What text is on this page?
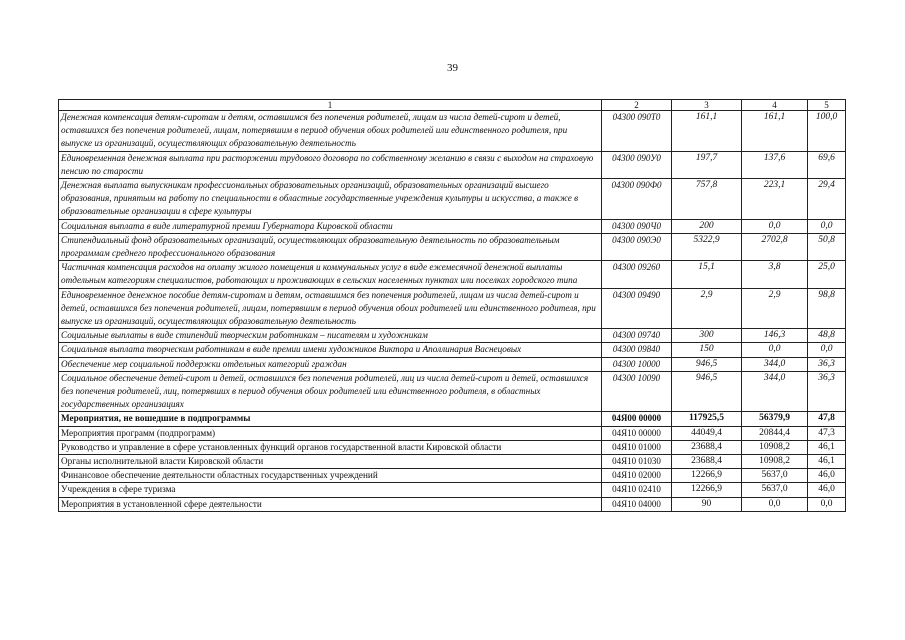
39
1	2	3	4	5
Денежная компенсация детям-сиротам и детям, оставшимся без попечения родителей, лицам из числа детей-сирот и детей, оставшихся без попечения родителей, лицам, потерявшим в период обучения обоих родителей или единственного родителя, при выпуске из организаций, осуществляющих образовательную деятельность	04300 090Т0	161,1	161,1	100,0
Единовременная денежная выплата при расторжении трудового договора по собственному желанию в связи с выходом на страховую пенсию по старости	04300 090У0	197,7	137,6	69,6
Денежная выплата выпускникам профессиональных образовательных организаций, образовательных организаций высшего образования, принятым на работу по специальности в областные государственные учреждения культуры и искусства, а также в образовательные организации в сфере культуры	04300 090Ф0	757,8	223,1	29,4
Социальная выплата в виде литературной премии Губернатора Кировской области	04300 090Ч0	200	0,0	0,0
Стипендиальный фонд образовательных организаций, осуществляющих образовательную деятельность по образовательным программам среднего профессионального образования	04300 090Э0	5322,9	2702,8	50,8
Частичная компенсация расходов на оплату жилого помещения и коммунальных услуг в виде ежемесячной денежной выплаты отдельным категориям специалистов, работающих и проживающих в сельских населенных пунктах или поселках городского типа	04300 09260	15,1	3,8	25,0
Единовременное денежное пособие детям-сиротам и детям, оставшимся без попечения родителей, лицам из числа детей-сирот и детей, оставшихся без попечения родителей, лицам, потерявшим в период обучения обоих родителей или единственного родителя, при выпуске из организаций, осуществляющих образовательную деятельность	04300 09490	2,9	2,9	98,8
Социальные выплаты в виде стипендий творческим работникам – писателям и художникам	04300 09740	300	146,3	48,8
Социальная выплата творческим работникам в виде премии имени художников Виктора и Аполлинария Васнецовых	04300 09840	150	0,0	0,0
Обеспечение мер социальной поддержки отдельных категорий граждан	04300 10000	946,5	344,0	36,3
Социальное обеспечение детей-сирот и детей, оставшихся без попечения родителей, лиц из числа детей-сирот и детей, оставшихся без попечения родителей, лиц, потерявших в период обучения обоих родителей или единственного родителя, в областных государственных организациях	04300 10090	946,5	344,0	36,3
Мероприятия, не вошедшие в подпрограммы	04Я00 00000	117925,5	56379,9	47,8
Мероприятия программ (подпрограмм)	04Я10 00000	44049,4	20844,4	47,3
Руководство и управление в сфере установленных функций органов государственной власти Кировской области	04Я10 01000	23688,4	10908,2	46,1
Органы исполнительной власти Кировской области	04Я10 01030	23688,4	10908,2	46,1
Финансовое обеспечение деятельности областных государственных учреждений	04Я10 02000	12266,9	5637,0	46,0
Учреждения в сфере туризма	04Я10 02410	12266,9	5637,0	46,0
Мероприятия в установленной сфере деятельности	04Я10 04000	90	0,0	0,0
